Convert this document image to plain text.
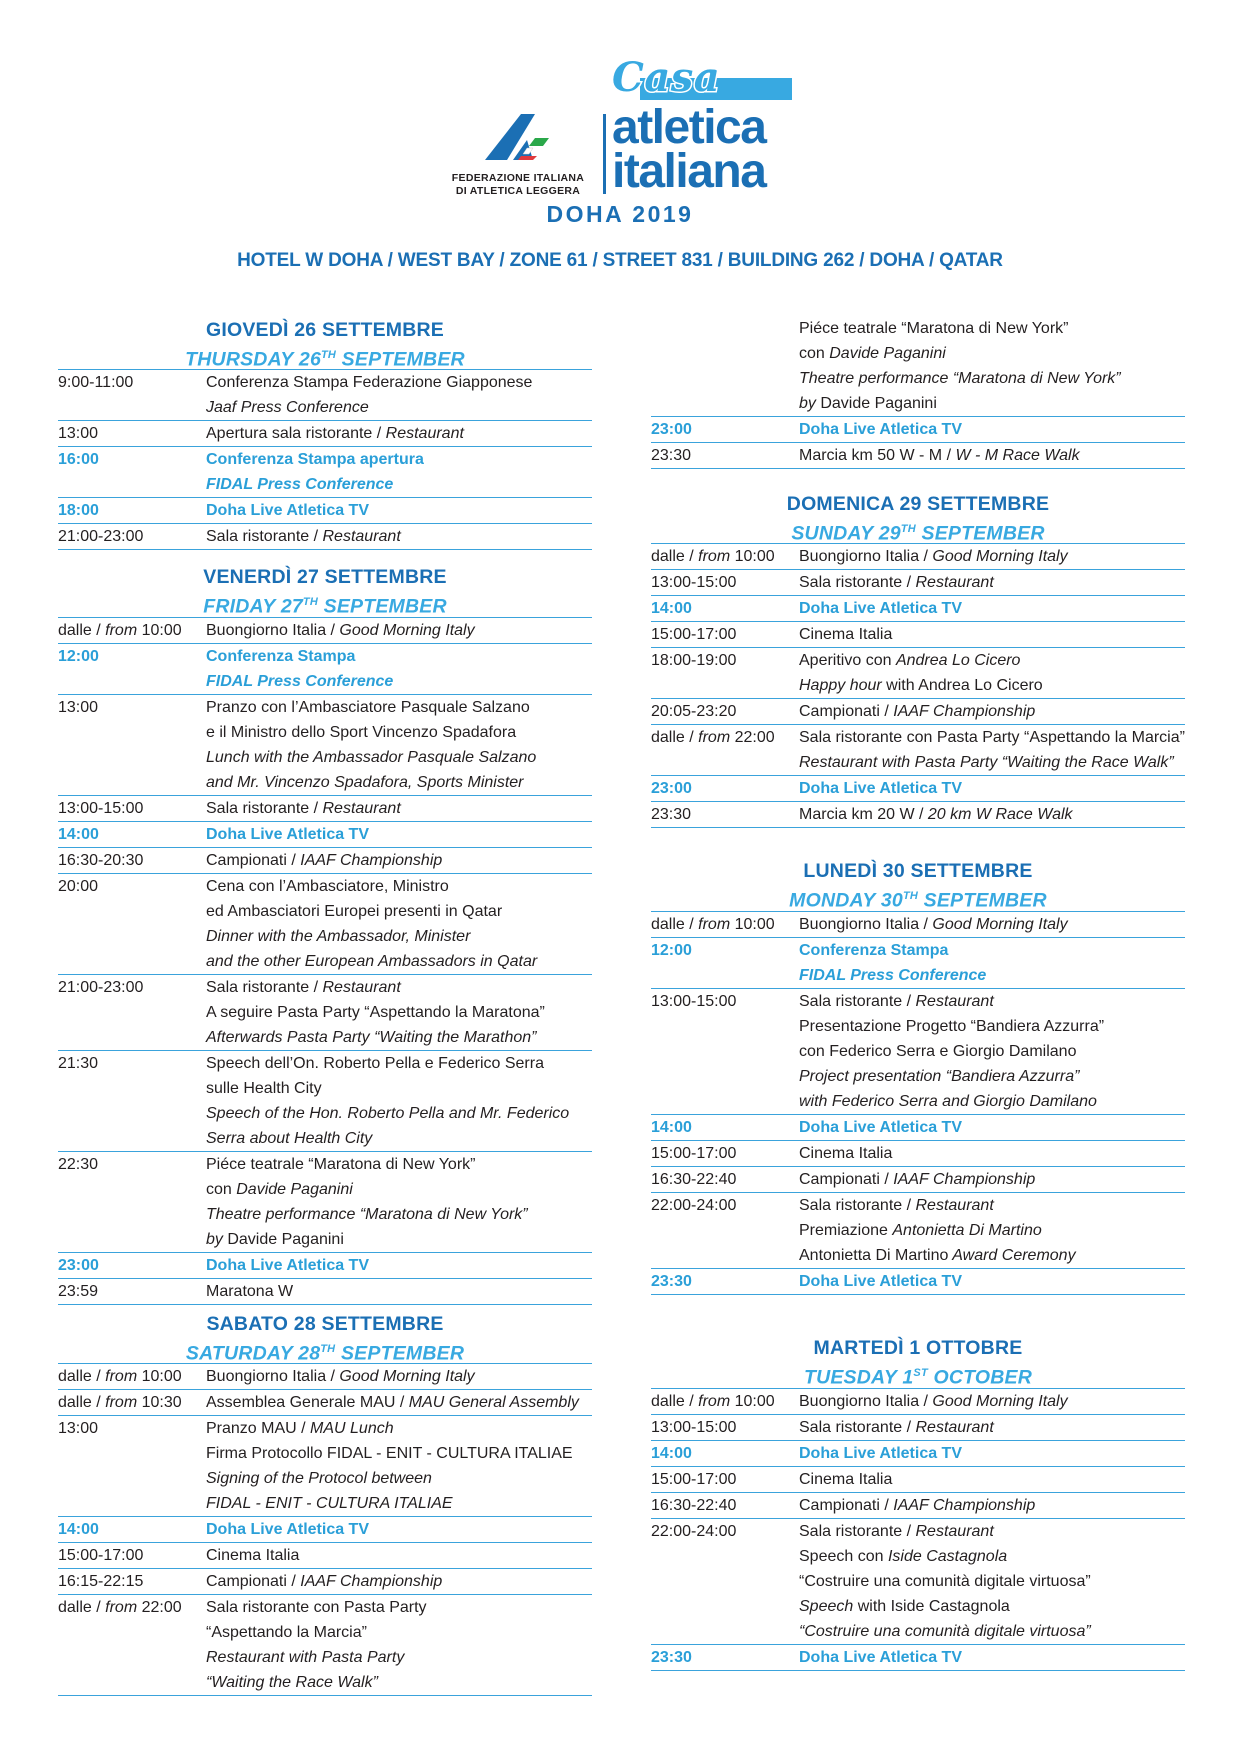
FEDERAZIONE ITALIANA
DI ATLETICA LEGGERA
Casa
atletica
italiana
DOHA 2019
HOTEL W DOHA / WEST BAY / ZONE 61 / STREET 831 / BUILDING 262 / DOHA / QATAR
GIOVEDÌ 26 SETTEMBRE
THURSDAY 26TH SEPTEMBER
9:00-11:00	Conferenza Stampa Federazione Giapponese
Jaaf Press Conference
13:00	Apertura sala ristorante / Restaurant
16:00	Conferenza Stampa apertura
FIDAL Press Conference
18:00	Doha Live Atletica TV
21:00-23:00	Sala ristorante / Restaurant
VENERDÌ 27 SETTEMBRE
FRIDAY 27TH SEPTEMBER
dalle / from 10:00	Buongiorno Italia / Good Morning Italy
12:00	Conferenza Stampa
FIDAL Press Conference
13:00	Pranzo con l’Ambasciatore Pasquale Salzano
e il Ministro dello Sport Vincenzo Spadafora
Lunch with the Ambassador Pasquale Salzano
and Mr. Vincenzo Spadafora, Sports Minister
13:00-15:00	Sala ristorante / Restaurant
14:00	Doha Live Atletica TV
16:30-20:30	Campionati / IAAF Championship
20:00	Cena con l’Ambasciatore, Ministro
ed Ambasciatori Europei presenti in Qatar
Dinner with the Ambassador, Minister
and the other European Ambassadors in Qatar
21:00-23:00	Sala ristorante / Restaurant
A seguire Pasta Party “Aspettando la Maratona”
Afterwards Pasta Party “Waiting the Marathon”
21:30	Speech dell’On. Roberto Pella e Federico Serra
sulle Health City
Speech of the Hon. Roberto Pella and Mr. Federico
Serra about Health City
22:30	Piéce teatrale “Maratona di New York”
con Davide Paganini
Theatre performance “Maratona di New York”
by Davide Paganini
23:00	Doha Live Atletica TV
23:59	Maratona W
SABATO 28 SETTEMBRE
SATURDAY 28TH SEPTEMBER
dalle / from 10:00	Buongiorno Italia / Good Morning Italy
dalle / from 10:30	Assemblea Generale MAU / MAU General Assembly
13:00	Pranzo MAU / MAU Lunch
Firma Protocollo FIDAL - ENIT - CULTURA ITALIAE
Signing of the Protocol between
FIDAL - ENIT - CULTURA ITALIAE
14:00	Doha Live Atletica TV
15:00-17:00	Cinema Italia
16:15-22:15	Campionati / IAAF Championship
dalle / from 22:00	Sala ristorante con Pasta Party
“Aspettando la Marcia”
Restaurant with Pasta Party
“Waiting the Race Walk”
Piéce teatrale “Maratona di New York”
con Davide Paganini
Theatre performance “Maratona di New York”
by Davide Paganini
23:00	Doha Live Atletica TV
23:30	Marcia km 50 W - M / W - M Race Walk
DOMENICA 29 SETTEMBRE
SUNDAY 29TH SEPTEMBER
dalle / from 10:00	Buongiorno Italia / Good Morning Italy
13:00-15:00	Sala ristorante / Restaurant
14:00	Doha Live Atletica TV
15:00-17:00	Cinema Italia
18:00-19:00	Aperitivo con Andrea Lo Cicero
Happy hour with Andrea Lo Cicero
20:05-23:20	Campionati / IAAF Championship
dalle / from 22:00	Sala ristorante con Pasta Party “Aspettando la Marcia”
Restaurant with Pasta Party “Waiting the Race Walk”
23:00	Doha Live Atletica TV
23:30	Marcia km 20 W / 20 km W Race Walk
LUNEDÌ 30 SETTEMBRE
MONDAY 30TH SEPTEMBER
dalle / from 10:00	Buongiorno Italia / Good Morning Italy
12:00	Conferenza Stampa
FIDAL Press Conference
13:00-15:00	Sala ristorante / Restaurant
Presentazione Progetto “Bandiera Azzurra”
con Federico Serra e Giorgio Damilano
Project presentation “Bandiera Azzurra”
with Federico Serra and Giorgio Damilano
14:00	Doha Live Atletica TV
15:00-17:00	Cinema Italia
16:30-22:40	Campionati / IAAF Championship
22:00-24:00	Sala ristorante / Restaurant
Premiazione Antonietta Di Martino
Antonietta Di Martino Award Ceremony
23:30	Doha Live Atletica TV
MARTEDÌ 1 OTTOBRE
TUESDAY 1ST OCTOBER
dalle / from 10:00	Buongiorno Italia / Good Morning Italy
13:00-15:00	Sala ristorante / Restaurant
14:00	Doha Live Atletica TV
15:00-17:00	Cinema Italia
16:30-22:40	Campionati / IAAF Championship
22:00-24:00	Sala ristorante / Restaurant
Speech con Iside Castagnola
“Costruire una comunità digitale virtuosa”
Speech with Iside Castagnola
“Costruire una comunità digitale virtuosa”
23:30	Doha Live Atletica TV
